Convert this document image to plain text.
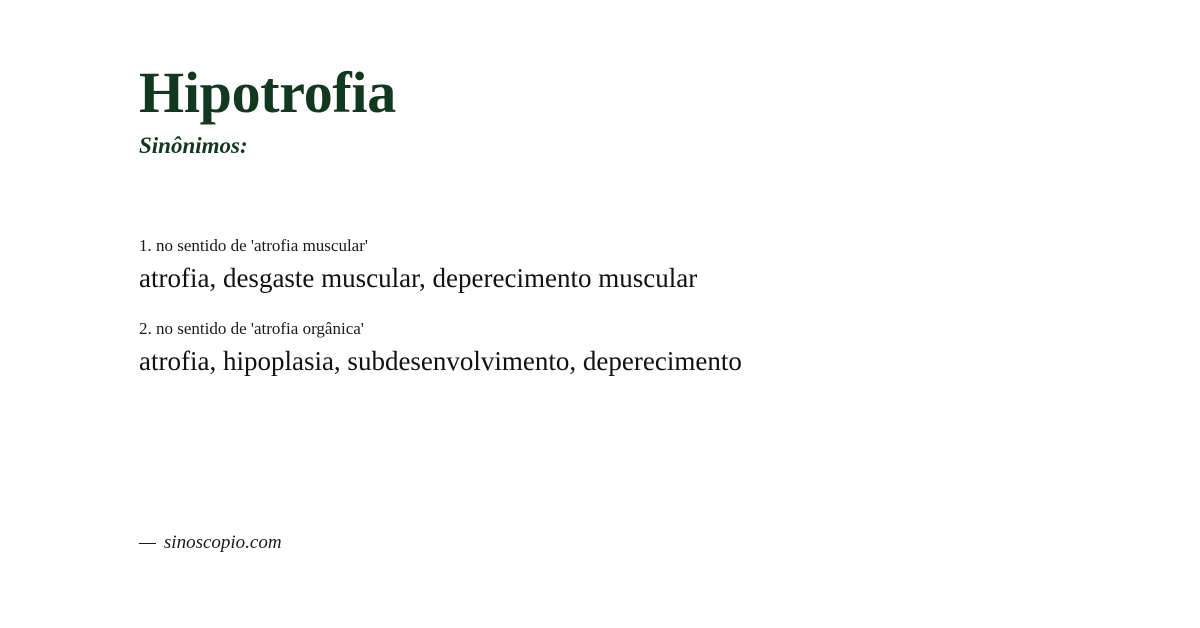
Hipotrofia
Sinônimos:
1. no sentido de 'atrofia muscular'
atrofia, desgaste muscular, deperecimento muscular
2. no sentido de 'atrofia orgânica'
atrofia, hipoplasia, subdesenvolvimento, deperecimento
— sinoscopio.com
